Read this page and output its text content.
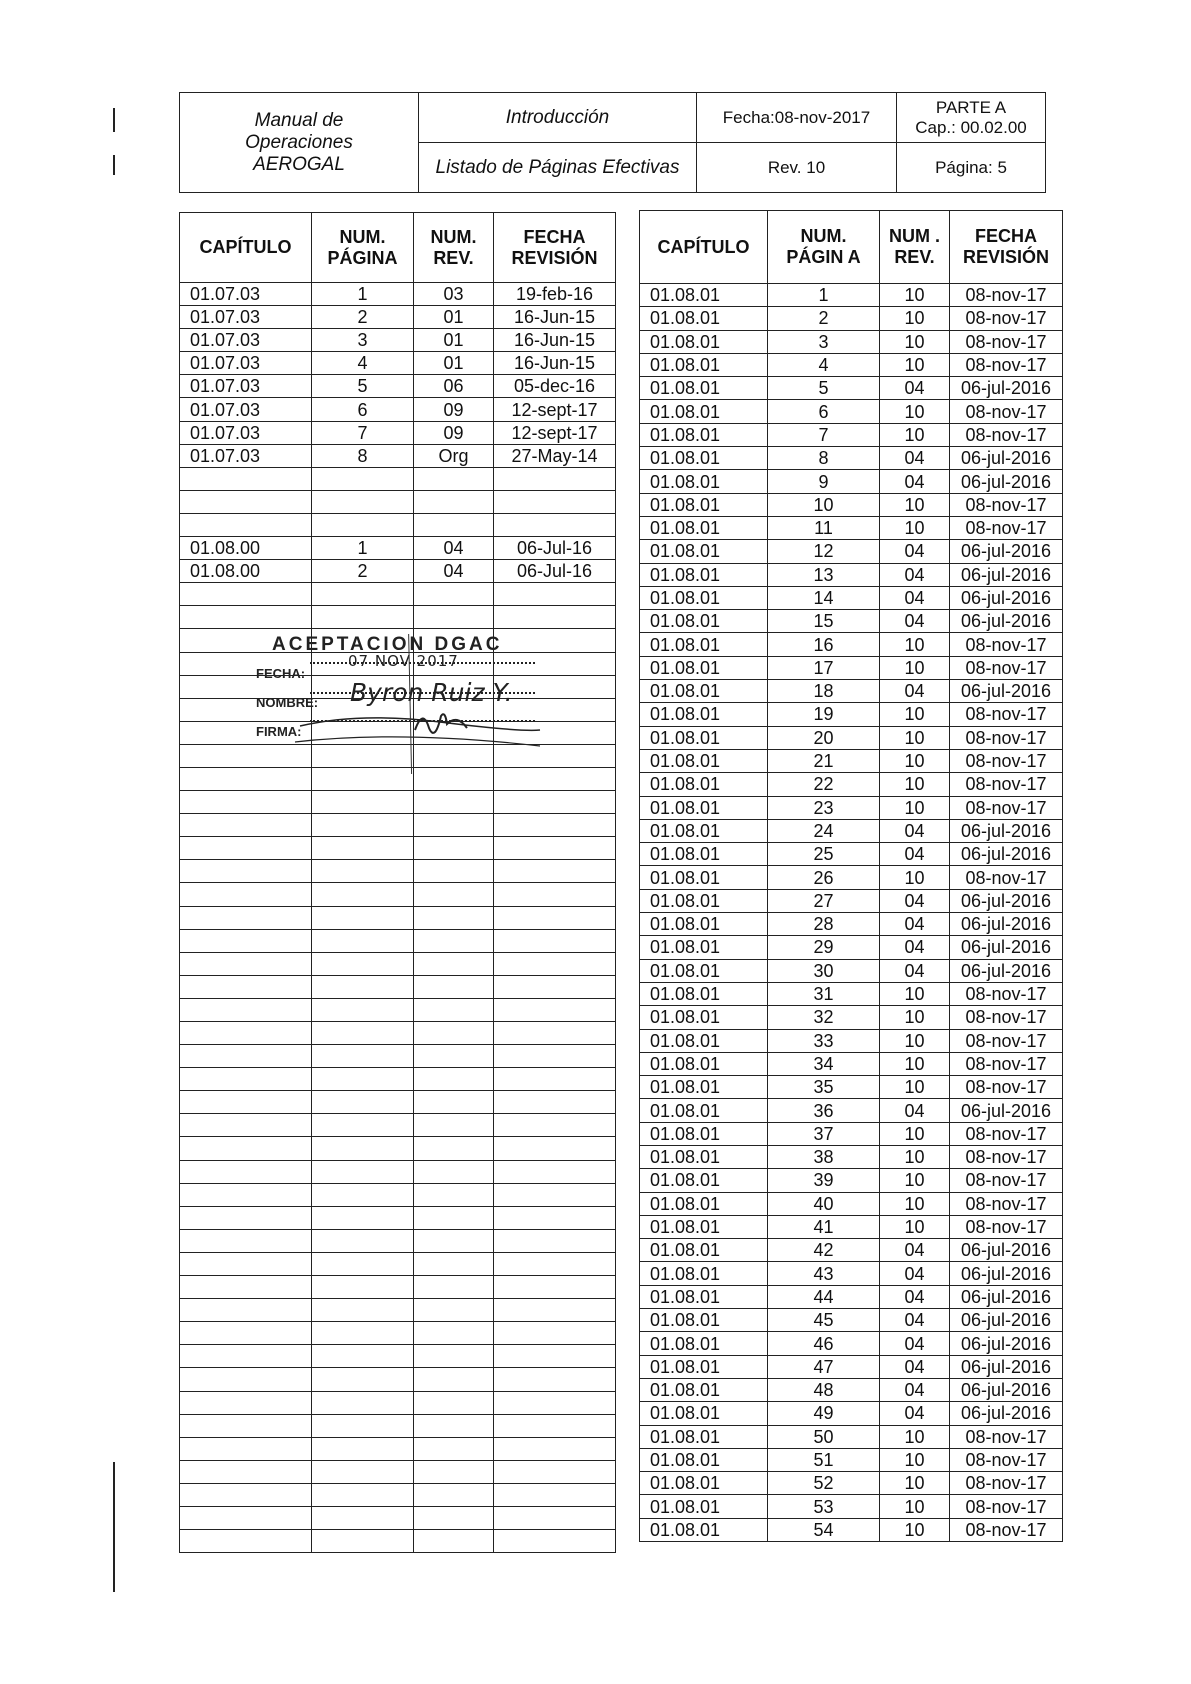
Manual de Operaciones AEROGAL	Introducción	Fecha:08-nov-2017	PARTE A
Cap.: 00.02.00

	Listado de Páginas Efectivas	Rev. 10	Página: 5
CAPÍTULO	NUM. PÁGINA	NUM. REV.	FECHA REVISIÓN
01.07.03	1	03	19-feb-16
01.07.03	2	01	16-Jun-15
01.07.03	3	01	16-Jun-15
01.07.03	4	01	16-Jun-15
01.07.03	5	06	05-dec-16
01.07.03	6	09	12-sept-17
01.07.03	7	09	12-sept-17
01.07.03	8	Org	27-May-14

01.08.00	1	04	06-Jul-16
01.08.00	2	04	06-Jul-16

CAPÍTULO	NUM. PÁGIN A	NUM . REV.	FECHA REVISIÓN
01.08.01	1	10	08-nov-17
01.08.01	2	10	08-nov-17
01.08.01	3	10	08-nov-17
01.08.01	4	10	08-nov-17
01.08.01	5	04	06-jul-2016
01.08.01	6	10	08-nov-17
01.08.01	7	10	08-nov-17
01.08.01	8	04	06-jul-2016
01.08.01	9	04	06-jul-2016
01.08.01	10	10	08-nov-17
01.08.01	11	10	08-nov-17
01.08.01	12	04	06-jul-2016
01.08.01	13	04	06-jul-2016
01.08.01	14	04	06-jul-2016
01.08.01	15	04	06-jul-2016
01.08.01	16	10	08-nov-17
01.08.01	17	10	08-nov-17
01.08.01	18	04	06-jul-2016
01.08.01	19	10	08-nov-17
01.08.01	20	10	08-nov-17
01.08.01	21	10	08-nov-17
01.08.01	22	10	08-nov-17
01.08.01	23	10	08-nov-17
01.08.01	24	04	06-jul-2016
01.08.01	25	04	06-jul-2016
01.08.01	26	10	08-nov-17
01.08.01	27	04	06-jul-2016
01.08.01	28	04	06-jul-2016
01.08.01	29	04	06-jul-2016
01.08.01	30	04	06-jul-2016
01.08.01	31	10	08-nov-17
01.08.01	32	10	08-nov-17
01.08.01	33	10	08-nov-17
01.08.01	34	10	08-nov-17
01.08.01	35	10	08-nov-17
01.08.01	36	04	06-jul-2016
01.08.01	37	10	08-nov-17
01.08.01	38	10	08-nov-17
01.08.01	39	10	08-nov-17
01.08.01	40	10	08-nov-17
01.08.01	41	10	08-nov-17
01.08.01	42	04	06-jul-2016
01.08.01	43	04	06-jul-2016
01.08.01	44	04	06-jul-2016
01.08.01	45	04	06-jul-2016
01.08.01	46	04	06-jul-2016
01.08.01	47	04	06-jul-2016
01.08.01	48	04	06-jul-2016
01.08.01	49	04	06-jul-2016
01.08.01	50	10	08-nov-17
01.08.01	51	10	08-nov-17
01.08.01	52	10	08-nov-17
01.08.01	53	10	08-nov-17
01.08.01	54	10	08-nov-17
ACEPTACION DGAC
FECHA:
07 NOV 2017
NOMBRE: Byron Ruiz Y.
FIRMA:
